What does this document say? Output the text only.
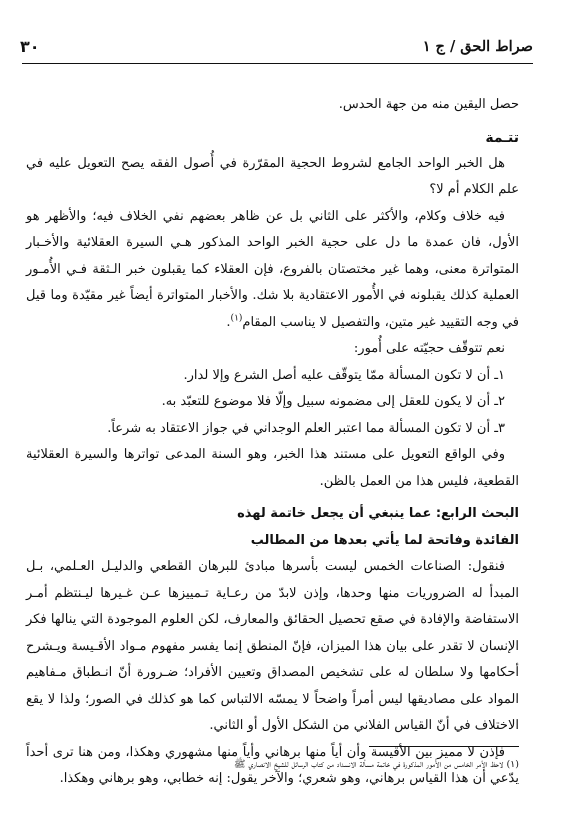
صراط الحق / ج ١
٣٠

حصل اليقين منه من جهة الحدس.

تتـمة

هل الخبر الواحد الجامع لشروط الحجية المقرّرة في أُصول الفقه يصح التعويل عليه في علم الكلام أم لا؟

فيه خلاف وكلام، والأكثر على الثاني بل عن ظاهر بعضهم نفي الخلاف فيه؛ والأظهر هو الأول، فان عمدة ما دل على حجية الخبر الواحد المذكور هـي السيرة العقلائية والأخـبار المتواترة معنى، وهما غير مختصتان بالفروع، فإن العقلاء كما يقبلون خبر الـثقة فـي الأُمـور العملية كذلك يقبلونه في الأُمور الاعتقادية بلا شك. والأخبار المتواترة أيضاً غير مقيّدة وما قيل في وجه التقييد غير متين، والتفصيل لا يناسب المقام$^{(١)}$.

نعم تتوقّف حجيّته على أُمور:

١ـ أن لا تكون المسألة ممّا يتوقّف عليه أصل الشرع وإلا لدار.

٢ـ أن لا يكون للعقل إلى مضمونه سبيل وإلّا فلا موضوع للتعبّد به.

٣ـ أن لا تكون المسألة مما اعتبر العلم الوجداني في جواز الاعتقاد به شرعاً.

وفي الواقع التعويل على مستند هذا الخبر، وهو السنة المدعى تواترها والسيرة العقلائية القطعية، فليس هذا من العمل بالظن.

البحث الرابع: عما ينبغي أن يجعل خاتمة لهذه

الفائدة وفاتحة لما يأتي بعدها من المطالب

فنقول: الصناعات الخمس ليست بأسرها مبادئ للبرهان القطعي والدليـل العـلمي، بـل المبدأ له الضروريات منها وحدها، وإذن لابدّ من رعـاية تـمييزها عـن غـيرها ليـنتظم أمـر الاستفاضة والإفادة في صقع تحصيل الحقائق والمعارف، لكن العلوم الموجودة التي ينالها فكر الإنسان لا تقدر على بيان هذا الميزان، فإنّ المنطق إنما يفسر مفهوم مـواد الأقـيسة ويـشرح أحكامها ولا سلطان له على تشخيص المصداق وتعيين الأفراد؛ ضـرورة أنّ انـطباق مـفاهيم المواد على مصاديقها ليس أمراً واضحاً لا يمسّه الالتباس كما هو كذلك في الصور؛ ولذا لا يقع الاختلاف في أنّ القياس الفلاني من الشكل الأول أو الثاني.

فإذن لا مميز بين الأقيسة وأن أياً منها برهاني وأياً منها مشهوري وهكذا، ومن هنا ترى أحداً يدّعي أن هذا القياس برهاني، وهو شعري؛ والآخر يقول: إنه خطابي، وهو برهاني وهكذا.

(١) لاحظ الأمر الخامس من الأُمور المذكورة في خاتمة مسألة الانسداد من كتاب الرسائل للشيخ الانصاري ﷺ
